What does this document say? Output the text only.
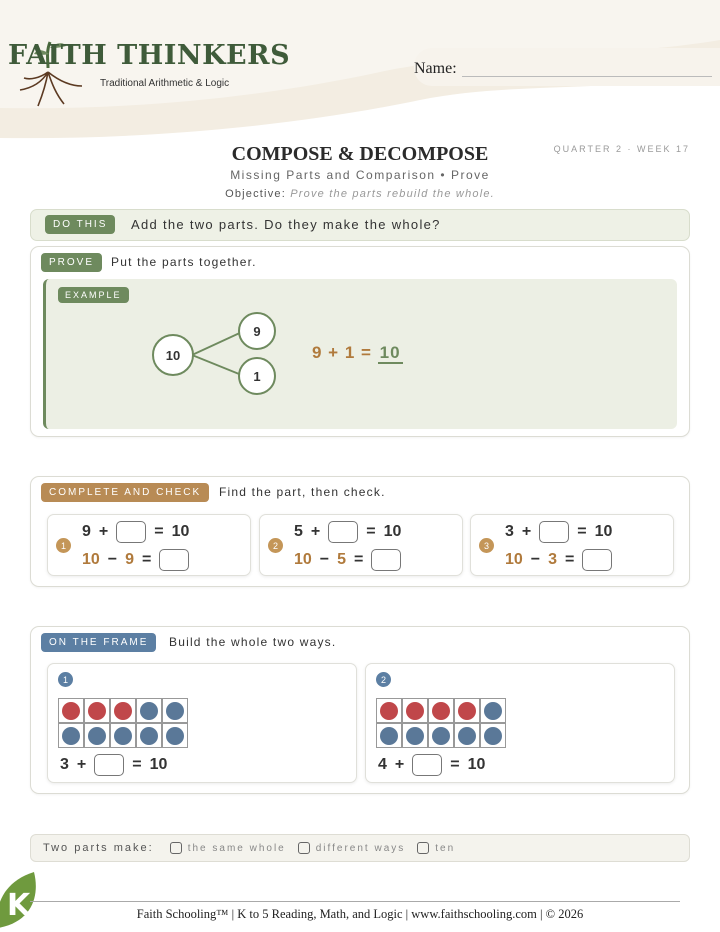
FAITH THINKERS
Traditional Arithmetic & Logic
Name:
COMPOSE & DECOMPOSE	QUARTER 2 · WEEK 17
Missing Parts and Comparison • Prove
Objective: Prove the parts rebuild the whole.
DO THIS	Add the two parts. Do they make the whole?
PROVE	Put the parts together.
EXAMPLE
10
9
1
9 + 1 = 10
COMPLETE AND CHECK	Find the part, then check.
1
9 +	= 10
10 − 9 =
2
5 +	= 10
10 − 5 =
3
3 +	= 10
10 − 3 =
ON THE FRAME	Build the whole two ways.
1
3 +	= 10
2
4 +	= 10
Two parts make:	the same whole	different ways	ten
K	Faith Schooling™ | K to 5 Reading, Math, and Logic | www.faithschooling.com | © 2026
